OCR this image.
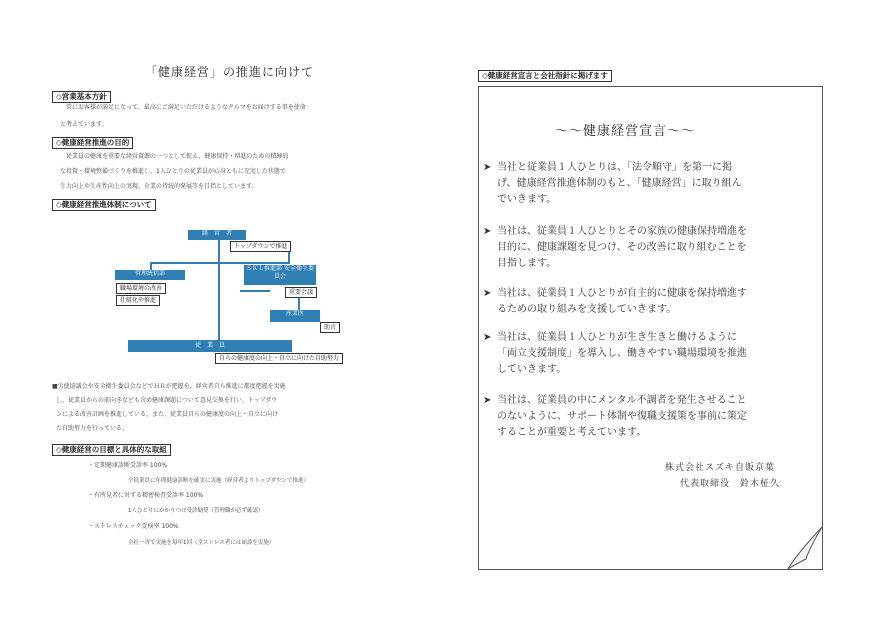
「健康経営」の推進に向けて
◇営業基本方針
常にお客様が満足になって、最高にご満足いただけるようなクルマをお届けする事を使命
と考えています。
◇健康経営推進の目的
従業員の健康を重要な経営資源の一つとして捉え、健康保持・増進のための積極的
な投資・環境整備づくりを推進し、1人ひとりの従業員が心身ともに充実した状態で
生力向上や生産性向上の実現、企業の持続的発展等を目指としています。
◇健康経営推進体制について
経　営　者
トップダウンで推進
管理統括部
職場環境の改善
仕組化や推進
ＳＫＬ推進部 安全衛生委員会
重要会議
産業医
助言
従　業　員
自らの健康度の向上・自立に向けた自助努力
■労使協議会や安全衛生委員会などでＨＲが把握を、経営者自ら推進に都度把握を実施
し、従業員からの前向きなども含め健康課題について意見交換を行い、トップダウ
ンによる改善計画を推進している。また、従業員自らの健康度の向上・自立に向け
た自助努力を行っている。
◇健康経営の目標と具体的な取組
・定期健康診断受診率 100%
全従業員に年間健康診断を確実に実施（経営者よりトップダウンで推進）
・有所見者に対する精密検査受診率 100%
1人ひとりにかかりつけ受診勧奨（管理職が必ず確認）
・ストレスチェック受検率 100%
全社一斉で実施を毎年1回（全ストレス者には面談を実施）
◇健康経営宣言と会社指針に掲げます
～～健康経営宣言～～
➤ 当社と従業員１人ひとりは、「法令順守」を第一に掲
げ、健康経営推進体制のもと、「健康経営」に取り組ん
でいきます。
➤ 当社は、従業員１人ひとりとその家族の健康保持増進を
目的に、健康課題を見つけ、その改善に取り組むことを
目指します。
➤ 当社は、従業員１人ひとりが自主的に健康を保持増進す
るための取り組みを支援していきます。
➤ 当社は、従業員１人ひとりが生き生きと働けるように
「両立支援制度」を導入し、働きやすい職場環境を推進
していきます。
➤ 当社は、従業員の中にメンタル不調者を発生させること
のないように、サポート体制や復職支援策を事前に策定
することが重要と考えています。
株式会社スズキ自販京葉
代表取締役　鈴木柾久
